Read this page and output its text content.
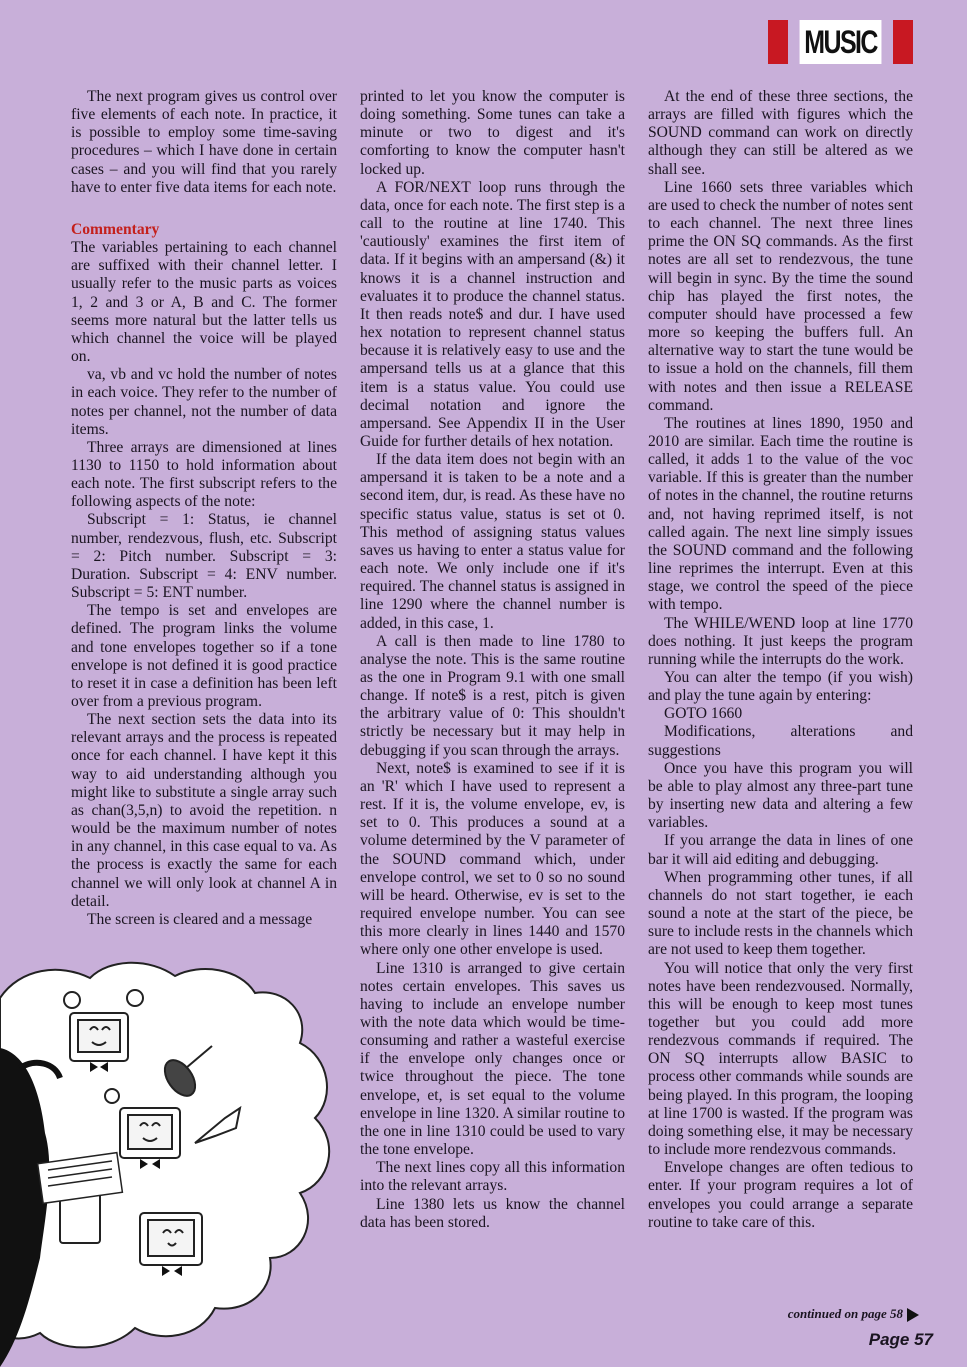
MUSIC

The next program gives us control over five elements of each note. In practice, it is possible to employ some time-saving procedures – which I have done in certain cases – and you will find that you rarely have to enter five data items for each note.

Commentary

The variables pertaining to each channel are suffixed with their channel letter. I usually refer to the music parts as voices 1, 2 and 3 or A, B and C. The former seems more natural but the latter tells us which channel the voice will be played on.

va, vb and vc hold the number of notes in each voice. They refer to the number of notes per channel, not the number of data items.

Three arrays are dimensioned at lines 1130 to 1150 to hold information about each note. The first subscript refers to the following aspects of the note:

Subscript = 1: Status, ie channel number, rendezvous, flush, etc. Subscript = 2: Pitch number. Subscript = 3: Duration. Subscript = 4: ENV number. Subscript = 5: ENT number.

The tempo is set and envelopes are defined. The program links the volume and tone envelopes together so if a tone envelope is not defined it is good practice to reset it in case a definition has been left over from a previous program.

The next section sets the data into its relevant arrays and the process is repeated once for each channel. I have kept it this way to aid understanding although you might like to substitute a single array such as chan(3,5,n) to avoid the repetition. n would be the maximum number of notes in any channel, in this case equal to va. As the process is exactly the same for each channel we will only look at channel A in detail.

The screen is cleared and a message

printed to let you know the computer is doing something. Some tunes can take a minute or two to digest and it's comforting to know the computer hasn't locked up.

A FOR/NEXT loop runs through the data, once for each note. The first step is a call to the routine at line 1740. This 'cautiously' examines the first item of data. If it begins with an ampersand (&) it knows it is a channel instruction and evaluates it to produce the channel status. It then reads note$ and dur. I have used hex notation to represent channel status because it is relatively easy to use and the ampersand tells us at a glance that this item is a status value. You could use decimal notation and ignore the ampersand. See Appendix II in the User Guide for further details of hex notation.

If the data item does not begin with an ampersand it is taken to be a note and a second item, dur, is read. As these have no specific status value, status is set ot 0. This method of assigning status values saves us having to enter a status value for each note. We only include one if it's required. The channel status is assigned in line 1290 where the channel number is added, in this case, 1.

A call is then made to line 1780 to analyse the note. This is the same routine as the one in Program 9.1 with one small change. If note$ is a rest, pitch is given the arbitrary value of 0: This shouldn't strictly be necessary but it may help in debugging if you scan through the arrays.

Next, note$ is examined to see if it is an 'R' which I have used to represent a rest. If it is, the volume envelope, ev, is set to 0. This produces a sound at a volume determined by the V parameter of the SOUND command which, under envelope control, we set to 0 so no sound will be heard. Otherwise, ev is set to the required envelope number. You can see this more clearly in lines 1440 and 1570 where only one other envelope is used.

Line 1310 is arranged to give certain notes certain envelopes. This saves us having to include an envelope number with the note data which would be time-consuming and rather a wasteful exercise if the envelope only changes once or twice throughout the piece. The tone envelope, et, is set equal to the volume envelope in line 1320. A similar routine to the one in line 1310 could be used to vary the tone envelope.

The next lines copy all this information into the relevant arrays.

Line 1380 lets us know the channel data has been stored.

At the end of these three sections, the arrays are filled with figures which the SOUND command can work on directly although they can still be altered as we shall see.

Line 1660 sets three variables which are used to check the number of notes sent to each channel. The next three lines prime the ON SQ commands. As the first notes are all set to rendezvous, the tune will begin in sync. By the time the sound chip has played the first notes, the computer should have processed a few more so keeping the buffers full. An alternative way to start the tune would be to issue a hold on the channels, fill them with notes and then issue a RELEASE command.

The routines at lines 1890, 1950 and 2010 are similar. Each time the routine is called, it adds 1 to the value of the voc variable. If this is greater than the number of notes in the channel, the routine returns and, not having reprimed itself, is not called again. The next line simply issues the SOUND command and the following line reprimes the interrupt. Even at this stage, we control the speed of the piece with tempo.

The WHILE/WEND loop at line 1770 does nothing. It just keeps the program running while the interrupts do the work.

You can alter the tempo (if you wish) and play the tune again by entering:

GOTO 1660

Modifications, alterations and suggestions

Once you have this program you will be able to play almost any three-part tune by inserting new data and altering a few variables.

If you arrange the data in lines of one bar it will aid editing and debugging.

When programming other tunes, if all channels do not start together, ie each sound a note at the start of the piece, be sure to include rests in the channels which are not used to keep them together.

You will notice that only the very first notes have been rendezvoused. Normally, this will be enough to keep most tunes together but you could add more rendezvous commands if required. The ON SQ interrupts allow BASIC to process other commands while sounds are being played. In this program, the looping at line 1700 is wasted. If the program was doing something else, it may be necessary to include more rendezvous commands.

Envelope changes are often tedious to enter. If your program requires a lot of envelopes you could arrange a separate routine to take care of this.

continued on page 58
Page 57
